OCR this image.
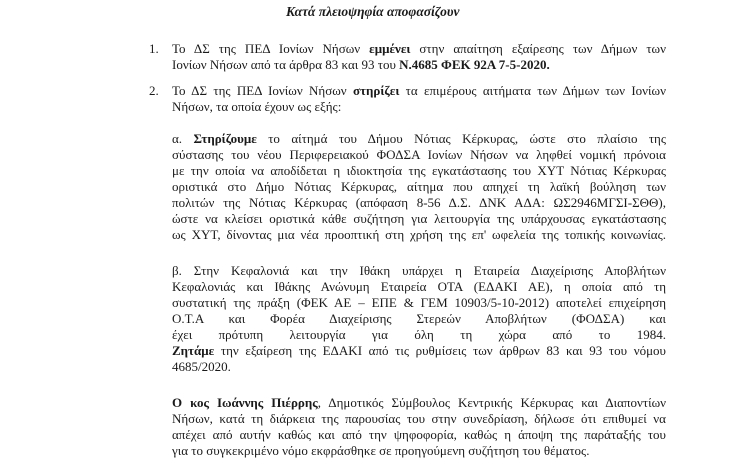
Κατά πλειοψηφία αποφασίζουν
1. Το ΔΣ της ΠΕΔ Ιονίων Νήσων εμμένει στην απαίτηση εξαίρεσης των Δήμων των
Ιονίων Νήσων από τα άρθρα 83 και 93 του Ν.4685 ΦΕΚ 92Α 7-5-2020.
2. Το ΔΣ της ΠΕΔ Ιονίων Νήσων στηρίζει τα επιμέρους αιτήματα των Δήμων των Ιονίων
Νήσων, τα οποία έχουν ως εξής:
α. Στηρίζουμε το αίτημά του Δήμου Νότιας Κέρκυρας, ώστε στο πλαίσιο της
σύστασης του νέου Περιφερειακού ΦΟΔΣΑ Ιονίων Νήσων να ληφθεί νομική πρόνοια
με την οποία να αποδίδεται η ιδιοκτησία της εγκατάστασης του ΧΥΤ Νότιας Κέρκυρας
οριστικά στο Δήμο Νότιας Κέρκυρας, αίτημα που απηχεί τη λαϊκή βούληση των
πολιτών της Νότιας Κέρκυρας (απόφαση 8-56 Δ.Σ. ΔΝΚ ΑΔΑ: ΩΣ2946ΜΓΣΙ-ΣΘΘ),
ώστε να κλείσει οριστικά κάθε συζήτηση για λειτουργία της υπάρχουσας εγκατάστασης
ως ΧΥΤ, δίνοντας μια νέα προοπτική στη χρήση της επ' ωφελεία της τοπικής κοινωνίας.
β. Στην Κεφαλονιά και την Ιθάκη υπάρχει η Εταιρεία Διαχείρισης Αποβλήτων
Κεφαλονιάς και Ιθάκης Ανώνυμη Εταιρεία ΟΤΑ (ΕΔΑΚΙ ΑΕ), η οποία από τη
συστατική της πράξη (ΦΕΚ ΑΕ – ΕΠΕ & ΓΕΜ 10903/5-10-2012) αποτελεί επιχείρηση
Ο.Τ.Α και Φορέα Διαχείρισης Στερεών Αποβλήτων (ΦΟΔΣΑ) και
έχει πρότυπη λειτουργία για όλη τη χώρα από το 1984.
Ζητάμε την εξαίρεση της ΕΔΑΚΙ από τις ρυθμίσεις των άρθρων 83 και 93 του νόμου
4685/2020.
Ο κος Ιωάννης Πιέρρης, Δημοτικός Σύμβουλος Κεντρικής Κέρκυρας και Διαποντίων
Νήσων, κατά τη διάρκεια της παρουσίας του στην συνεδρίαση, δήλωσε ότι επιθυμεί να
απέχει από αυτήν καθώς και από την ψηφοφορία, καθώς η άποψη της παράταξής του
για το συγκεκριμένο νόμο εκφράσθηκε σε προηγούμενη συζήτηση του θέματος.
